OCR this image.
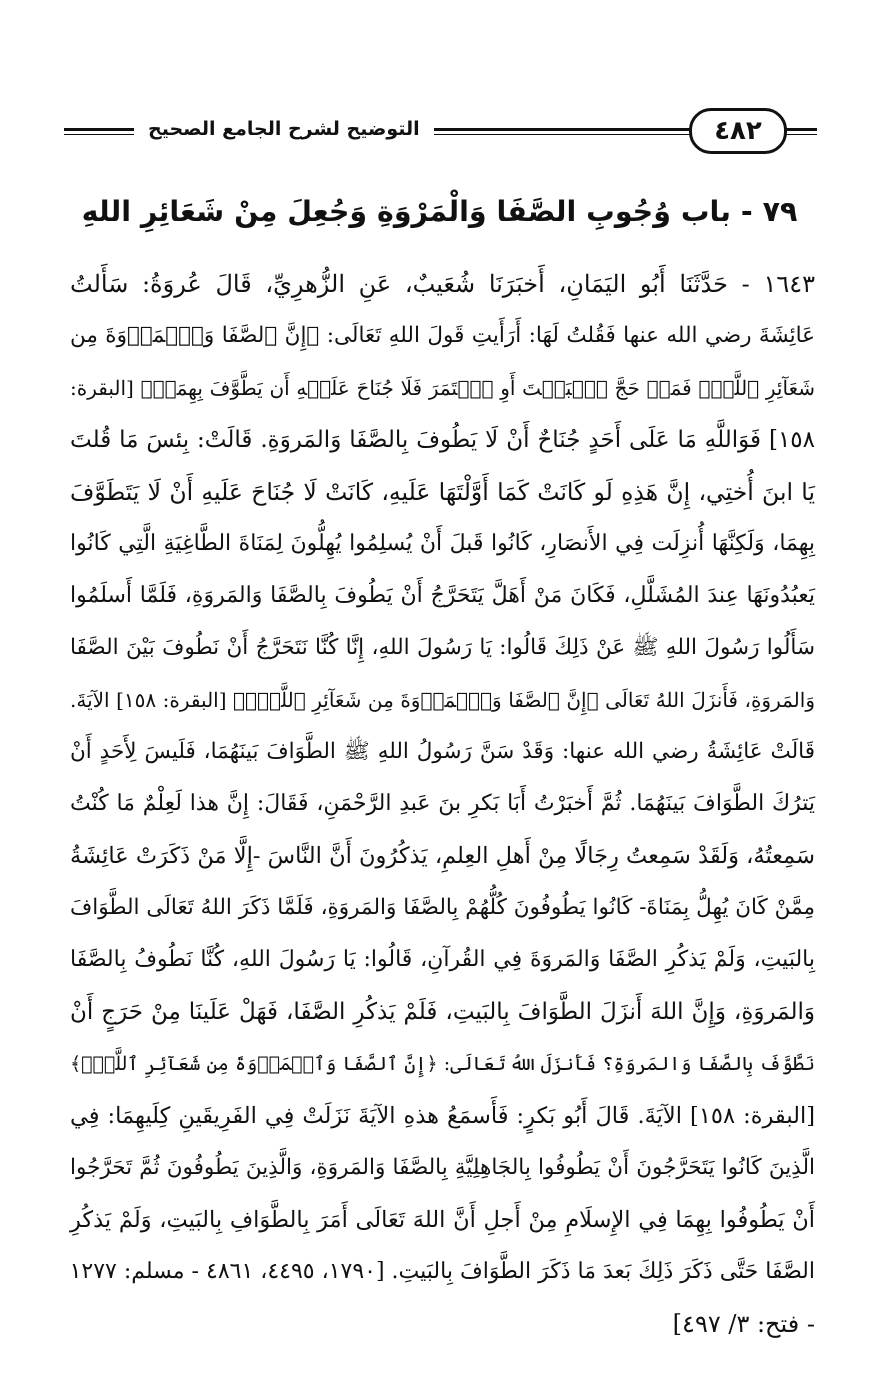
التوضيح لشرح الجامع الصحيح	٤٨٢
٧٩ - باب وُجُوبِ الصَّفَا وَالْمَرْوَةِ وَجُعِلَ مِنْ شَعَائِرِ اللهِ
١٦٤٣ - حَدَّثَنَا أَبُو اليَمَانِ، أَخبَرَنَا شُعَيبٌ، عَنِ الزُّهرِيِّ، قَالَ عُروَةُ: سَأَلتُ
عَائِشَةَ رضي الله عنها فَقُلتُ لَهَا: أَرَأَيتِ قَولَ اللهِ تَعَالَى: ﴿إِنَّ ٱلصَّفَا وَٱلۡمَرۡوَةَ مِن
شَعَآئِرِ ٱللَّهِۖ فَمَنۡ حَجَّ ٱلۡبَيۡتَ أَوِ ٱعۡتَمَرَ فَلَا جُنَاحَ عَلَيۡهِ أَن يَطَّوَّفَ بِهِمَاۚ﴾ [البقرة:
١٥٨] فَوَاللَّهِ مَا عَلَى أَحَدٍ جُنَاحٌ أَنْ لَا يَطُوفَ بِالصَّفَا وَالمَروَةِ. قَالَتْ: بِئسَ مَا قُلتَ
يَا ابنَ أُختِي، إِنَّ هَذِهِ لَو كَانَتْ كَمَا أَوَّلْتَهَا عَلَيهِ، كَانَتْ لَا جُنَاحَ عَلَيهِ أَنْ لَا يَتَطَوَّفَ
بِهِمَا، وَلَكِنَّهَا أُنزِلَت فِي الأَنصَارِ، كَانُوا قَبلَ أَنْ يُسلِمُوا يُهِلُّونَ لِمَنَاةَ الطَّاغِيَةِ الَّتِي كَانُوا
يَعبُدُونَهَا عِندَ المُشَلَّلِ، فَكَانَ مَنْ أَهَلَّ يَتَحَرَّجُ أَنْ يَطُوفَ بِالصَّفَا وَالمَروَةِ، فَلَمَّا أَسلَمُوا
سَأَلُوا رَسُولَ اللهِ ﷺ عَنْ ذَلِكَ قَالُوا: يَا رَسُولَ اللهِ، إِنَّا كُنَّا نَتَحَرَّجُ أَنْ نَطُوفَ بَيْنَ الصَّفَا
وَالمَروَةِ، فَأَنزَلَ اللهُ تَعَالَى ﴿إِنَّ ٱلصَّفَا وَٱلۡمَرۡوَةَ مِن شَعَآئِرِ ٱللَّهِۖ﴾ [البقرة: ١٥٨] الآيَةَ.
قَالَتْ عَائِشَةُ رضي الله عنها: وَقَدْ سَنَّ رَسُولُ اللهِ ﷺ الطَّوَافَ بَينَهُمَا، فَلَيسَ لِأَحَدٍ أَنْ
يَترُكَ الطَّوَافَ بَينَهُمَا. ثُمَّ أَخبَرْتُ أَبَا بَكرِ بنَ عَبدِ الرَّحْمَنِ، فَقَالَ: إِنَّ هذا لَعِلْمٌ مَا كُنْتُ
سَمِعتُهُ، وَلَقَدْ سَمِعتُ رِجَالًا مِنْ أَهلِ العِلمِ، يَذكُرُونَ أَنَّ النَّاسَ -إِلَّا مَنْ ذَكَرَتْ عَائِشَةُ
مِمَّنْ كَانَ يُهِلُّ بِمَنَاةَ- كَانُوا يَطُوفُونَ كُلُّهُمْ بِالصَّفَا وَالمَروَةِ، فَلَمَّا ذَكَرَ اللهُ تَعَالَى الطَّوَافَ
بِالبَيتِ، وَلَمْ يَذكُرِ الصَّفَا وَالمَروَةَ فِي القُرآنِ، قَالُوا: يَا رَسُولَ اللهِ، كُنَّا نَطُوفُ بِالصَّفَا
وَالمَروَةِ، وَإِنَّ اللهَ أَنزَلَ الطَّوَافَ بِالبَيتِ، فَلَمْ يَذكُرِ الصَّفَا، فَهَلْ عَلَينَا مِنْ حَرَجٍ أَنْ
نَطَّوَّفَ بِالصَّفَا وَالمَروَةِ؟ فَأَنزَلَ اللهُ تَعَالَى: ﴿إِنَّ ٱلصَّفَا وَٱلۡمَرۡوَةَ مِن شَعَآئِرِ ٱللَّهِۖ﴾
[البقرة: ١٥٨] الآيَةَ. قَالَ أَبُو بَكرٍ: فَأَسمَعُ هذهِ الآيَةَ نَزَلَتْ فِي الفَرِيقَينِ كِلَيهِمَا: فِي
الَّذِينَ كَانُوا يَتَحَرَّجُونَ أَنْ يَطُوفُوا بِالجَاهِلِيَّةِ بِالصَّفَا وَالمَروَةِ، وَالَّذِينَ يَطُوفُونَ ثُمَّ تَحَرَّجُوا
أَنْ يَطُوفُوا بِهِمَا فِي الإِسلَامِ مِنْ أَجلِ أَنَّ اللهَ تَعَالَى أَمَرَ بِالطَّوَافِ بِالبَيتِ، وَلَمْ يَذكُرِ
الصَّفَا حَتَّى ذَكَرَ ذَلِكَ بَعدَ مَا ذَكَرَ الطَّوَافَ بِالبَيتِ. [١٧٩٠، ٤٤٩٥، ٤٨٦١ - مسلم: ١٢٧٧
- فتح: ٣/ ٤٩٧]
